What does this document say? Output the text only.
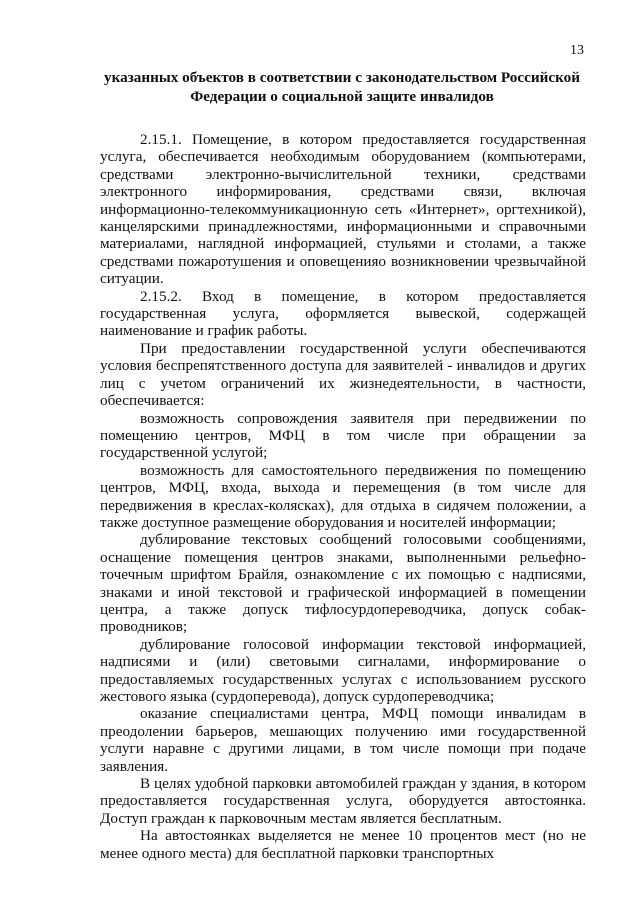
13
указанных объектов в соответствии с законодательством Российской Федерации о социальной защите инвалидов

2.15.1. Помещение, в котором предоставляется государственная услуга, обеспечивается необходимым оборудованием (компьютерами, средствами электронно-вычислительной техники, средствами электронного информирования, средствами связи, включая информационно-телекоммуникационную сеть «Интернет», оргтехникой), канцелярскими принадлежностями, информационными и справочными материалами, наглядной информацией, стульями и столами, а также средствами пожаротушения и оповещенияо возникновении чрезвычайной ситуации.

2.15.2. Вход в помещение, в котором предоставляется государственная услуга, оформляется вывеской, содержащей наименование и график работы.

При предоставлении государственной услуги обеспечиваются условия беспрепятственного доступа для заявителей - инвалидов и других лиц с учетом ограничений их жизнедеятельности, в частности, обеспечивается:

возможность сопровождения заявителя при передвижении по помещению центров, МФЦ в том числе при обращении за государственной услугой;

возможность для самостоятельного передвижения по помещению центров, МФЦ, входа, выхода и перемещения (в том числе для передвижения в креслах-колясках), для отдыха в сидячем положении, а также доступное размещение оборудования и носителей информации;

дублирование текстовых сообщений голосовыми сообщениями, оснащение помещения центров знаками, выполненными рельефно-точечным шрифтом Брайля, ознакомление с их помощью с надписями, знаками и иной текстовой и графической информацией в помещении центра, а также допуск тифлосурдопереводчика, допуск собак-проводников;

дублирование голосовой информации текстовой информацией, надписями и (или) световыми сигналами, информирование о предоставляемых государственных услугах с использованием русского жестового языка (сурдоперевода), допуск сурдопереводчика;

оказание специалистами центра, МФЦ помощи инвалидам в преодолении барьеров, мешающих получению ими государственной услуги наравне с другими лицами, в том числе помощи при подаче заявления.

В целях удобной парковки автомобилей граждан у здания, в котором предоставляется государственная услуга, оборудуется автостоянка. Доступ граждан к парковочным местам является бесплатным.

На автостоянках выделяется не менее 10 процентов мест (но не менее одного места) для бесплатной парковки транспортных
